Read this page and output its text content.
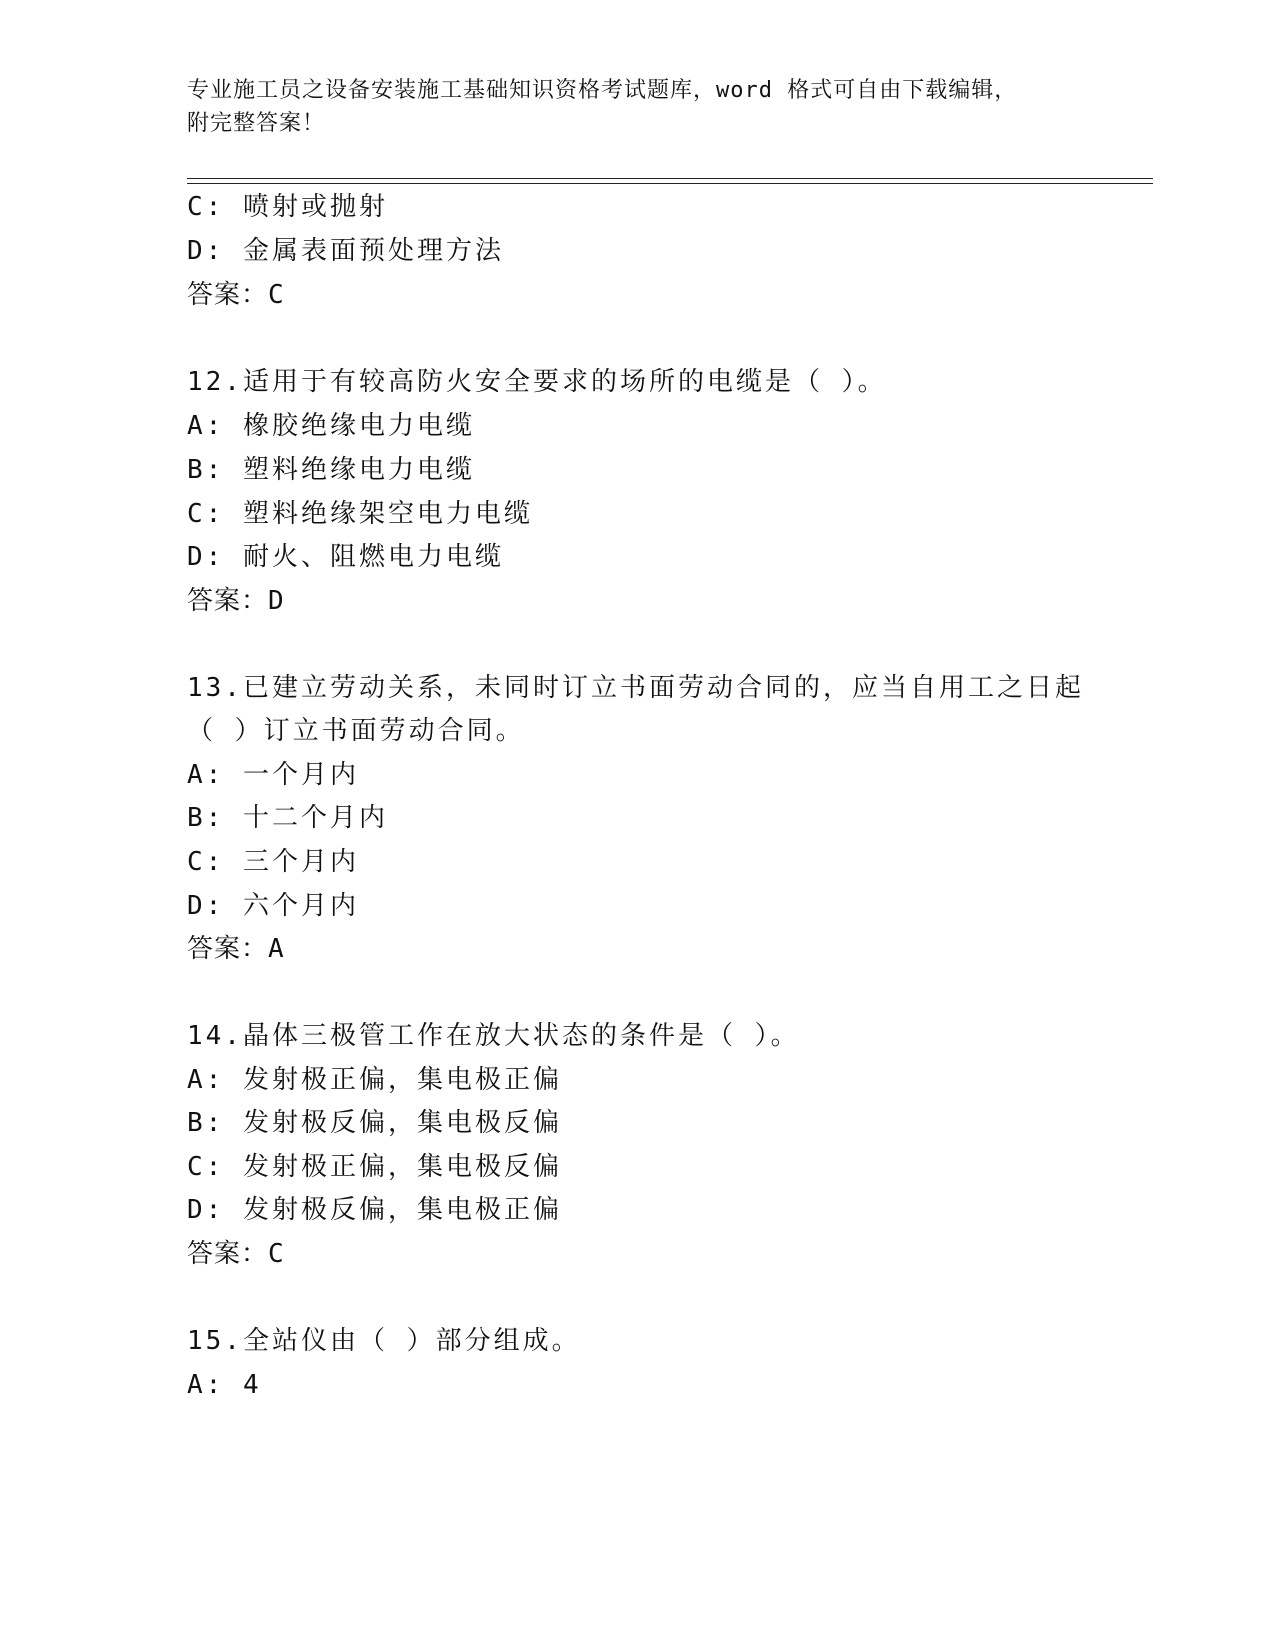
专业施工员之设备安装施工基础知识资格考试题库，word 格式可自由下载编辑，
附完整答案！
C: 喷射或抛射
D: 金属表面预处理方法
答案：C
12.适用于有较高防火安全要求的场所的电缆是（ ）。
A: 橡胶绝缘电力电缆
B: 塑料绝缘电力电缆
C: 塑料绝缘架空电力电缆
D: 耐火、阻燃电力电缆
答案：D
13.已建立劳动关系，未同时订立书面劳动合同的，应当自用工之日起
（ ）订立书面劳动合同。
A: 一个月内
B: 十二个月内
C: 三个月内
D: 六个月内
答案：A
14.晶体三极管工作在放大状态的条件是（ ）。
A: 发射极正偏，集电极正偏
B: 发射极反偏，集电极反偏
C: 发射极正偏，集电极反偏
D: 发射极反偏，集电极正偏
答案：C
15.全站仪由（ ）部分组成。
A: 4
